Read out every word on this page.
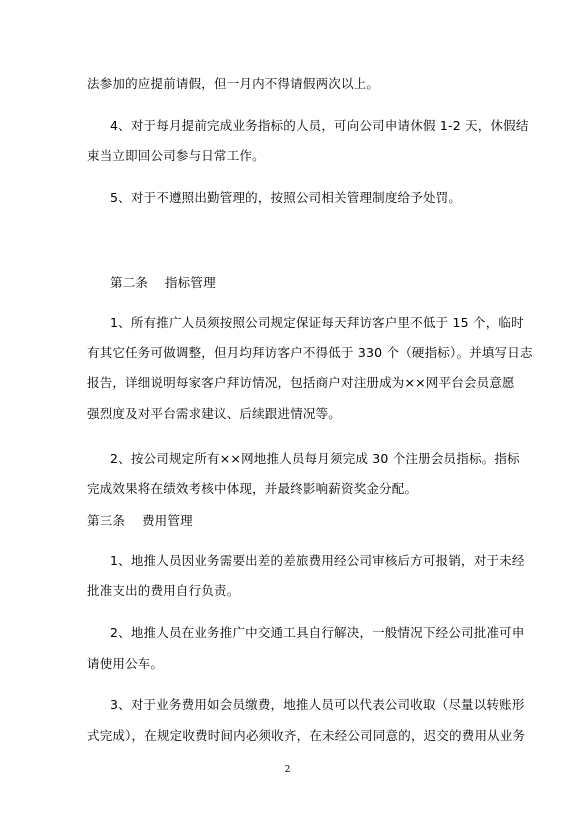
法参加的应提前请假，但一月内不得请假两次以上。
4、对于每月提前完成业务指标的人员，可向公司申请休假 1-2 天，休假结
束当立即回公司参与日常工作。
5、对于不遵照出勤管理的，按照公司相关管理制度给予处罚。
第二条　 指标管理
1、所有推广人员须按照公司规定保证每天拜访客户里不低于 15 个，临时
有其它任务可做调整，但月均拜访客户不得低于 330 个（硬指标）。并填写日志
报告，详细说明每家客户拜访情况，包括商户对注册成为××网平台会员意愿
强烈度及对平台需求建议、后续跟进情况等。
2、按公司规定所有××网地推人员每月须完成 30 个注册会员指标。指标
完成效果将在绩效考核中体现，并最终影响薪资奖金分配。
第三条　 费用管理
1、地推人员因业务需要出差的差旅费用经公司审核后方可报销，对于未经
批准支出的费用自行负责。
2、地推人员在业务推广中交通工具自行解决，一般情况下经公司批准可申
请使用公车。
3、对于业务费用如会员缴费，地推人员可以代表公司收取（尽量以转账形
式完成），在规定收费时间内必须收齐，在未经公司同意的，迟交的费用从业务
2
